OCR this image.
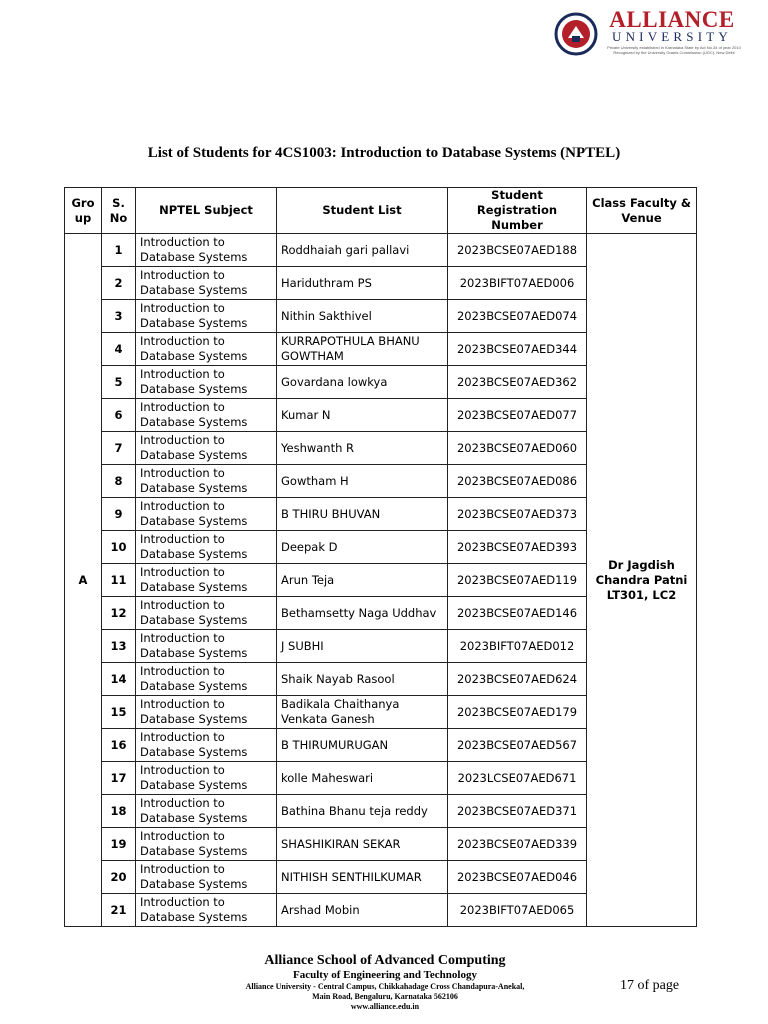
ALLIANCE
UNIVERSITY
Private University established in Karnataka State by Act No.34 of year 2010 Recognized by the University Grants Commission (UGC), New Delhi
List of Students for 4CS1003: Introduction to Database Systems (NPTEL)
Gro up	S. No	NPTEL Subject	Student List	Student Registration Number	Class Faculty & Venue
A	1	Introduction to Database Systems	Roddhaiah gari pallavi	2023BCSE07AED188	Dr Jagdish Chandra Patni LT301, LC2
	2	Introduction to Database Systems	Hariduthram PS	2023BIFT07AED006	
	3	Introduction to Database Systems	Nithin Sakthivel	2023BCSE07AED074	
	4	Introduction to Database Systems	KURRAPOTHULA BHANU GOWTHAM	2023BCSE07AED344	
	5	Introduction to Database Systems	Govardana lowkya	2023BCSE07AED362	
	6	Introduction to Database Systems	Kumar N	2023BCSE07AED077	
	7	Introduction to Database Systems	Yeshwanth R	2023BCSE07AED060	
	8	Introduction to Database Systems	Gowtham H	2023BCSE07AED086	
	9	Introduction to Database Systems	B THIRU BHUVAN	2023BCSE07AED373	
	10	Introduction to Database Systems	Deepak D	2023BCSE07AED393	
	11	Introduction to Database Systems	Arun Teja	2023BCSE07AED119	
	12	Introduction to Database Systems	Bethamsetty Naga Uddhav	2023BCSE07AED146	
	13	Introduction to Database Systems	J SUBHI	2023BIFT07AED012	
	14	Introduction to Database Systems	Shaik Nayab Rasool	2023BCSE07AED624	
	15	Introduction to Database Systems	Badikala Chaithanya Venkata Ganesh	2023BCSE07AED179	
	16	Introduction to Database Systems	B THIRUMURUGAN	2023BCSE07AED567	
	17	Introduction to Database Systems	kolle Maheswari	2023LCSE07AED671	
	18	Introduction to Database Systems	Bathina Bhanu teja reddy	2023BCSE07AED371	
	19	Introduction to Database Systems	SHASHIKIRAN SEKAR	2023BCSE07AED339	
	20	Introduction to Database Systems	NITHISH SENTHILKUMAR	2023BCSE07AED046	
	21	Introduction to Database Systems	Arshad Mobin	2023BIFT07AED065	
Alliance School of Advanced Computing
Faculty of Engineering and Technology
Alliance University - Central Campus, Chikkahadage Cross Chandapura-Anekal,
Main Road, Bengaluru, Karnataka 562106
www.alliance.edu.in
17 of page
